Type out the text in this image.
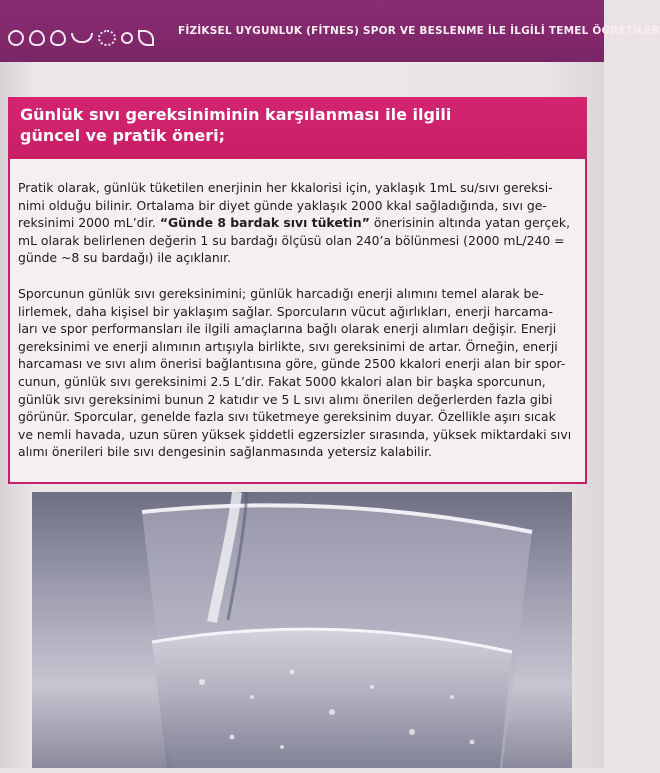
FİZİKSEL UYGUNLUK (FİTNES) SPOR VE BESLENME İLE İLGİLİ TEMEL ÖĞRETİLER
Günlük sıvı gereksiniminin karşılanması ile ilgili
güncel ve pratik öneri;
Pratik olarak, günlük tüketilen enerjinin her kkalorisi için, yaklaşık 1mL su/sıvı gereksi-
nimi olduğu bilinir. Ortalama bir diyet günde yaklaşık 2000 kkal sağladığında, sıvı ge-
reksinimi 2000 mL’dir. “Günde 8 bardak sıvı tüketin” önerisinin altında yatan gerçek,
mL olarak belirlenen değerin 1 su bardağı ölçüsü olan 240’a bölünmesi (2000 mL/240 =
günde ~8 su bardağı) ile açıklanır.
Sporcunun günlük sıvı gereksinimini; günlük harcadığı enerji alımını temel alarak be-
lirlemek, daha kişisel bir yaklaşım sağlar. Sporcuların vücut ağırlıkları, enerji harcama-
ları ve spor performansları ile ilgili amaçlarına bağlı olarak enerji alımları değişir. Enerji
gereksinimi ve enerji alımının artışıyla birlikte, sıvı gereksinimi de artar. Örneğin, enerji
harcaması ve sıvı alım önerisi bağlantısına göre, günde 2500 kkalori enerji alan bir spor-
cunun, günlük sıvı gereksinimi 2.5 L’dir. Fakat 5000 kkalori alan bir başka sporcunun,
günlük sıvı gereksinimi bunun 2 katıdır ve 5 L sıvı alımı önerilen değerlerden fazla gibi
görünür. Sporcular, genelde fazla sıvı tüketmeye gereksinim duyar. Özellikle aşırı sıcak
ve nemli havada, uzun süren yüksek şiddetli egzersizler sırasında, yüksek miktardaki sıvı
alımı önerileri bile sıvı dengesinin sağlanmasında yetersiz kalabilir.
